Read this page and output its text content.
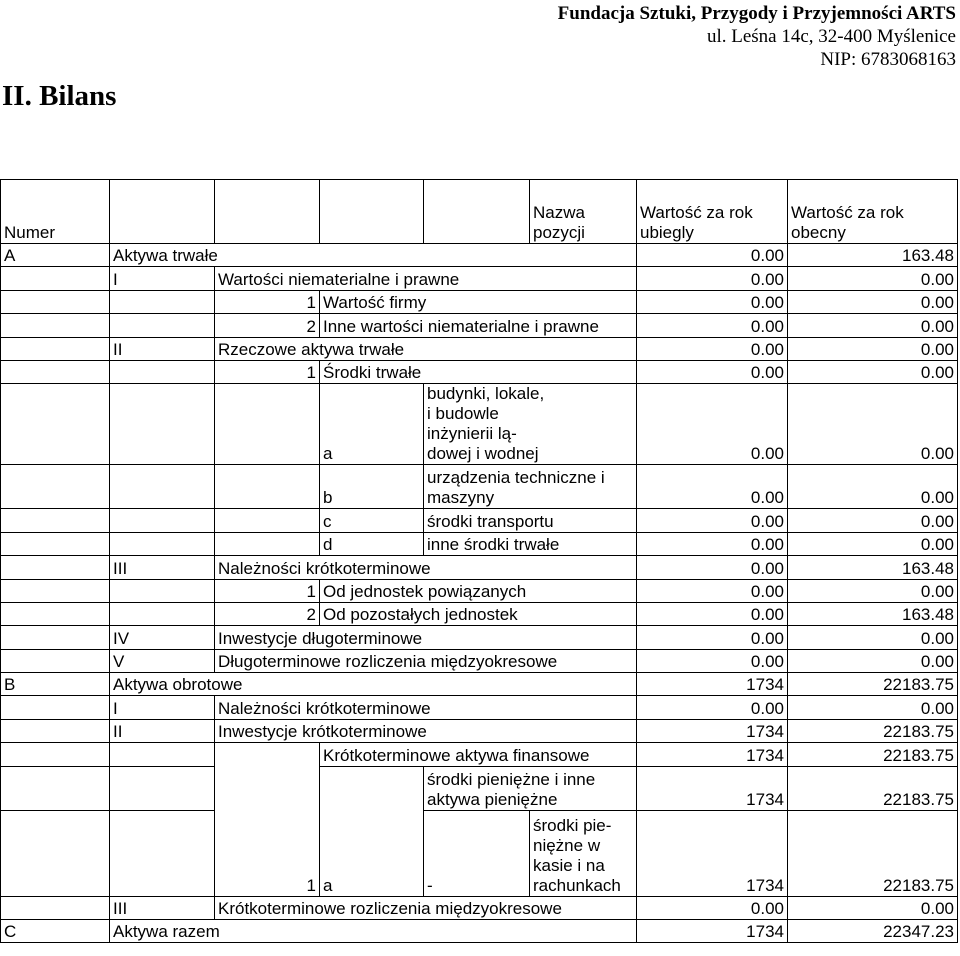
Fundacja Sztuki, Przygody i Przyjemności ARTS
ul. Leśna 14c, 32-400 Myślenice
NIP: 6783068163
II. Bilans
Numer					Nazwa pozycji	Wartość za rok ubiegly	Wartość za rok obecny
A	Aktywa trwałe					0.00	163.48
	I	Wartości niematerialne i prawne				0.00	0.00
		1	Wartość firmy			0.00	0.00
		2	Inne wartości niematerialne i prawne			0.00	0.00
	II	Rzeczowe aktywa trwałe				0.00	0.00
		1	Środki trwałe			0.00	0.00
			a	budynki, lokale, i budowle inżynierii lą-dowej i wodnej		0.00	0.00
			b	urządzenia techniczne i maszyny		0.00	0.00
			c	środki transportu		0.00	0.00
			d	inne środki trwałe		0.00	0.00
	III	Należności krótkoterminowe				0.00	163.48
		1	Od jednostek powiązanych			0.00	0.00
		2	Od pozostałych jednostek			0.00	163.48
	IV	Inwestycje długoterminowe				0.00	0.00
	V	Długoterminowe rozliczenia międzyokresowe				0.00	0.00
B	Aktywa obrotowe					1734	22183.75
	I	Należności krótkoterminowe				0.00	0.00
	II	Inwestycje krótkoterminowe				1734	22183.75
		1	Krótkoterminowe aktywa finansowe			1734	22183.75
			a	środki pieniężne i inne aktywa pieniężne		1734	22183.75
				-	środki pie-niężne w kasie i na rachunkach	1734	22183.75
	III	Krótkoterminowe rozliczenia międzyokresowe				0.00	0.00
C	Aktywa razem					1734	22347.23
